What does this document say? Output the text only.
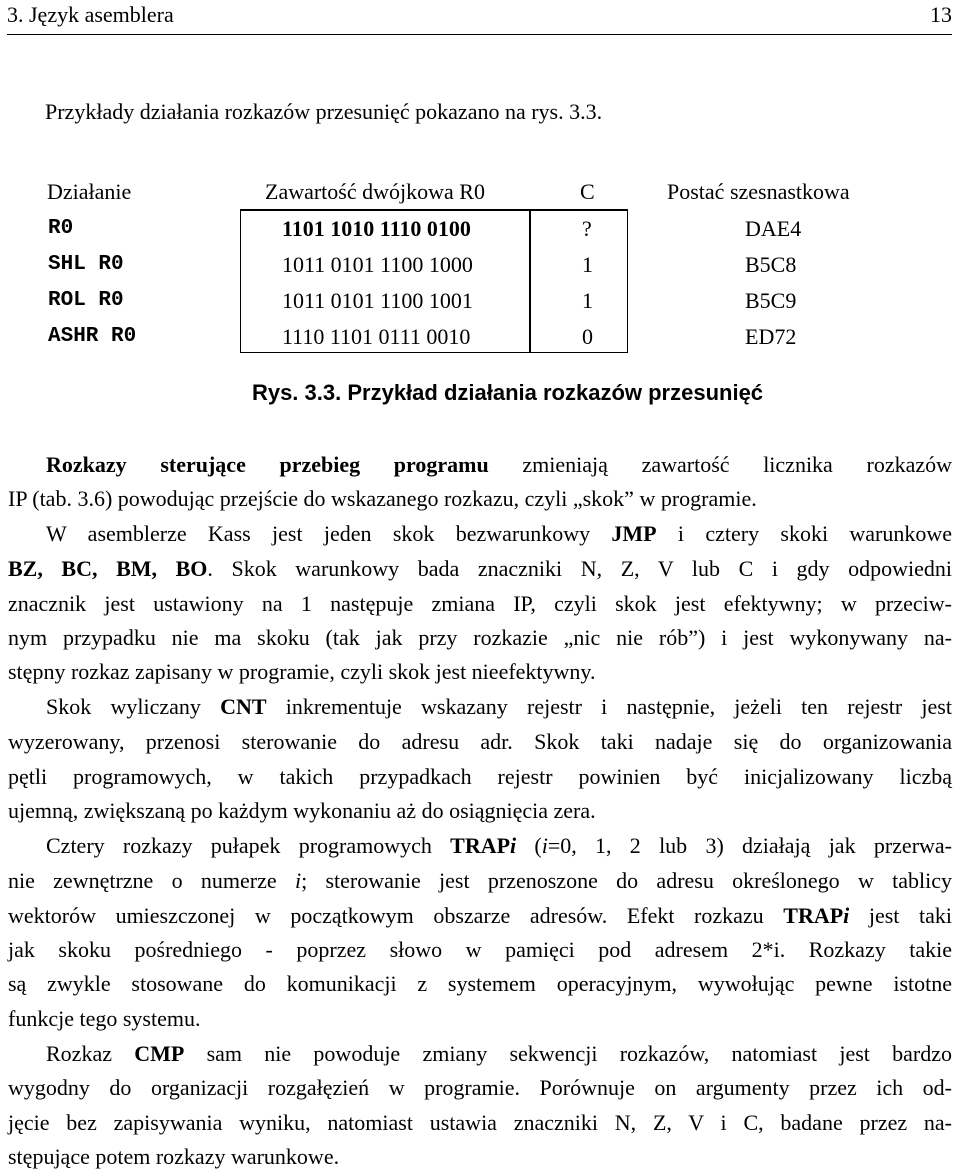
3. Język asemblera	13
Przykłady działania rozkazów przesunięć pokazano na rys. 3.3.
Działanie	Zawartość dwójkowa R0	C	Postać szesnastkowa
R0	1101 1010 1110 0100	?	DAE4
SHL R0	1011 0101 1100 1000	1	B5C8
ROL R0	1011 0101 1100 1001	1	B5C9
ASHR R0	1110 1101 0111 0010	0	ED72
Rys. 3.3. Przykład działania rozkazów przesunięć
Rozkazy sterujące przebieg programu zmieniają zawartość licznika rozkazów
IP (tab. 3.6) powodując przejście do wskazanego rozkazu, czyli „skok” w programie.
W asemblerze Kass jest jeden skok bezwarunkowy JMP i cztery skoki warunkowe
BZ, BC, BM, BO. Skok warunkowy bada znaczniki N, Z, V lub C i gdy odpowiedni
znacznik jest ustawiony na 1 następuje zmiana IP, czyli skok jest efektywny; w przeciw-
nym przypadku nie ma skoku (tak jak przy rozkazie „nic nie rób”) i jest wykonywany na-
stępny rozkaz zapisany w programie, czyli skok jest nieefektywny.
Skok wyliczany CNT inkrementuje wskazany rejestr i następnie, jeżeli ten rejestr jest
wyzerowany, przenosi sterowanie do adresu adr. Skok taki nadaje się do organizowania
pętli programowych, w takich przypadkach rejestr powinien być inicjalizowany liczbą
ujemną, zwiększaną po każdym wykonaniu aż do osiągnięcia zera.
Cztery rozkazy pułapek programowych TRAPi (i=0, 1, 2 lub 3) działają jak przerwa-
nie zewnętrzne o numerze i; sterowanie jest przenoszone do adresu określonego w tablicy
wektorów umieszczonej w początkowym obszarze adresów. Efekt rozkazu TRAPi jest taki
jak skoku pośredniego - poprzez słowo w pamięci pod adresem 2*i. Rozkazy takie
są zwykle stosowane do komunikacji z systemem operacyjnym, wywołując pewne istotne
funkcje tego systemu.
Rozkaz CMP sam nie powoduje zmiany sekwencji rozkazów, natomiast jest bardzo
wygodny do organizacji rozgałęzień w programie. Porównuje on argumenty przez ich od-
jęcie bez zapisywania wyniku, natomiast ustawia znaczniki N, Z, V i C, badane przez na-
stępujące potem rozkazy warunkowe.
